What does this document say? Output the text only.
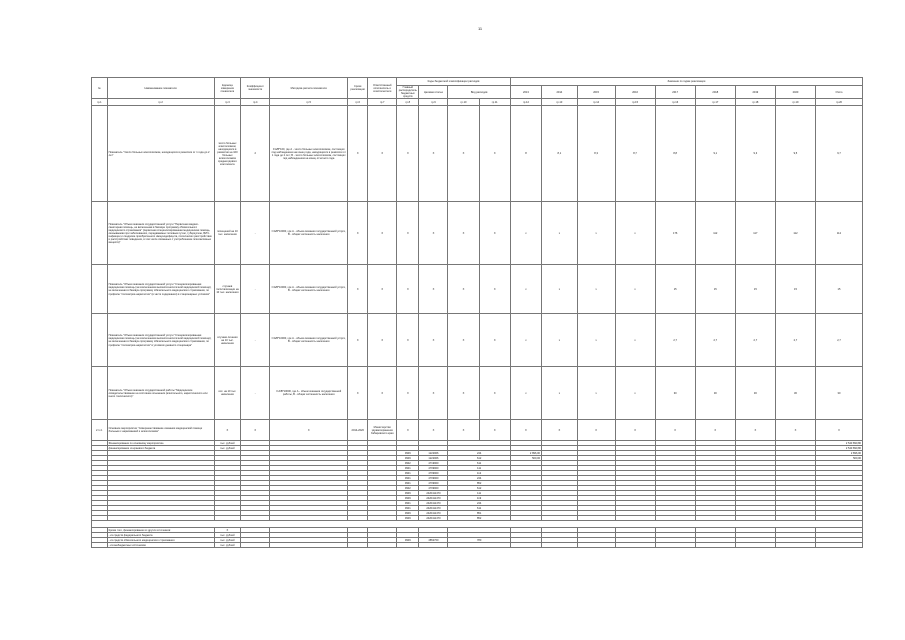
11
№	Наименование показателя	Единица измерения показателя	Коэффициент значимости	Методика расчета показателя	Сроки реализации	Ответственный исполнитель и соисполнители	Коды бюджетной классификации расходов				Значение по годам реализации								
							Главный распорядитель бюджетных средств	Целевая статья	Вид расходов		2013	2014	2015	2016	2017	2018	2019	2020	Итого
гр.1	гр.2	гр.3	гр.4	гр.5	гр.6	гр.7	гр.8	гр.9	гр.10	гр.11	гр.12	гр.13	гр.14	гр.15	гр.16	гр.17	гр.18	гр.19	гр.20
	Показатель "Число больных алкоголизмом, находящихся в ремиссии от 1 года до 2 лет"	число больных алкоголизмом, находящихся в ремиссии на 100 больных алкоголизмом среднегодового контингента	2	I=A/B*100, где А - число больных алкоголизмом, состоящих под наблюдением на конец года, находящихся в ремиссии от 1 года до 2 лет; В - число больных алкоголизмом, состоящих под наблюдением на конец отчетного года	X	X	X	X	X	X	8	8,1	8,3	8,7	8,8	9,1	9,3	9,5	9,7
	Показатель "Объем оказания государственной услуги "Первичная медико-санитарная помощь, не включенная в базовую программу обязательного медицинского страхования" (первичная специализированная медицинская помощь, оказываемая при заболеваниях, передаваемых половым путем, туберкулезе, ВИЧ-инфекции и синдроме приобретенного иммунодефицита, психических расстройствах и расстройствах поведения, в том числе связанных с употреблением психоактивных веществ)"	посещений на 10 тыс. населения	-	I=A/B*10000, где А - объем оказания государственной услуги, В - общая численность населения	X	X	X	X	X	X	x	x	x	x	176	112	117	112	112
	Показатель "Объем оказания государственной услуги "Специализированная медицинская помощь (за исключением высокотехнологичной медицинской помощи), не включенная в базовую программу обязательного медицинского страхования, по профилю "психиатрия-наркология" (в части содержания) в стационарных условиях"	случаев госпитализации на 10 тыс. населения	-	I=A/B*10000, где А - объем оказания государственной услуги, В - общая численность населения	X	X	X	X	X	X	x	x	x	x	15	15	15	15	15
	Показатель "Объем оказания государственной услуги "Специализированная медицинская помощь (за исключением высокотехнологичной медицинской помощи), не включенная в базовую программу обязательного медицинского страхования, по профилю "психиатрия-наркология" в условиях дневного стационара"	случаев лечения на 10 тыс. населения	-	I=A/B*10000, где А - объем оказания государственной услуги, В - общая численность населения	X	X	X	X	X	X	x	x	x	x	2,7	2,7	2,7	2,7	2,7
	Показатель "Объем оказания государственной работы "Медицинское освидетельствование на состояние опьянения (алкогольного, наркотического или иного токсического)"	исс. на 10 тыс. населения	-	I=A/B*10000, где А - объем оказания государственной работы, В - общая численность населения	X	X	X	X	X	X	x	x	x	x	30	30	30	30	30
2.1.4.	Основное мероприятие "Совершенствование оказания медицинской помощи больным с наркоманией и алкоголизмом"	X	X	X	2014-2020	Министерство здравоохранения Хабаровского края	X	X	X	X	X	X	X	X	X	X	X	X	X
	Финансирование по основному мероприятию	тыс. рублей																	2 543 890,80
	финансирование из краевого бюджета	тыс. рублей																	2 543 890,80
							0909	1222906	244		2 896,00								2 896,00
							0909	1222906	612		500,00								500,00
							0902	4719900	611										
							0901	4709900	111										
							0901	4709900	112										
							0901	4709900	244										
							0901	4709900	852										
							0902	4709900	612										
							0909	2420411470	111										
							0909	2420411470	119										
							0901	2420411470	244										
							0901	2420411470	611										
							0909	2420411470	851										
							0909	2420411470	852										

	Кроме того, финансирование из других источников:	X																	
	- из средств федерального бюджета	тыс. рублей																	
	- из средств обязательного медицинского страхования	тыс. рублей					0909	4852700	780										
	- из внебюджетных источников	тыс. рублей																	
